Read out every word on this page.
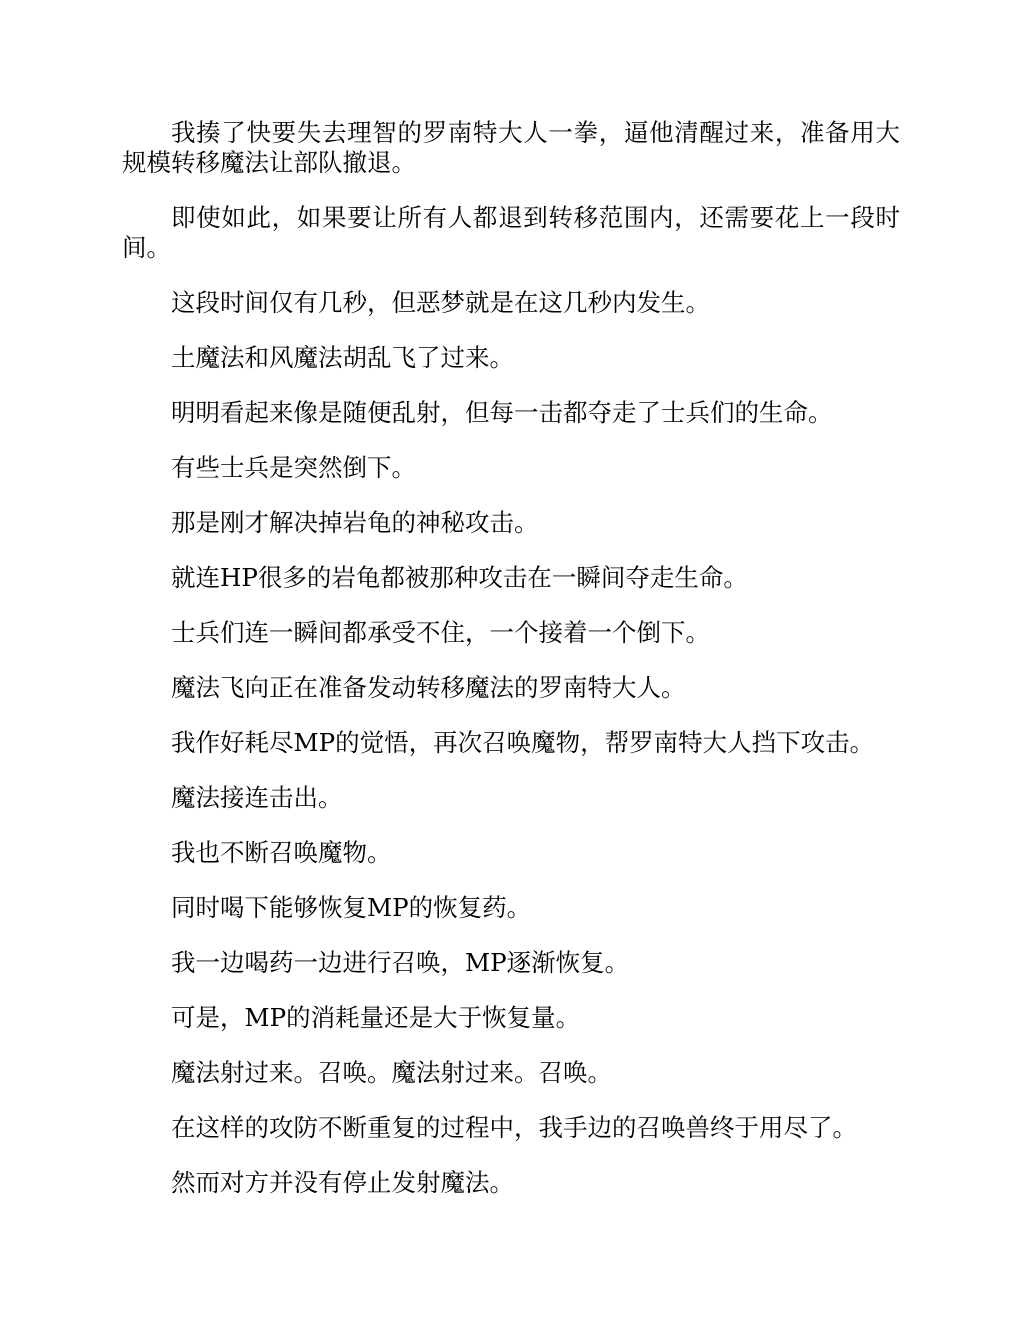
我揍了快要失去理智的罗南特大人一拳，逼他清醒过来，准备用大规模转移魔法让部队撤退。

即使如此，如果要让所有人都退到转移范围内，还需要花上一段时间。

这段时间仅有几秒，但恶梦就是在这几秒内发生。

土魔法和风魔法胡乱飞了过来。

明明看起来像是随便乱射，但每一击都夺走了士兵们的生命。

有些士兵是突然倒下。

那是刚才解决掉岩龟的神秘攻击。

就连HP很多的岩龟都被那种攻击在一瞬间夺走生命。

士兵们连一瞬间都承受不住，一个接着一个倒下。

魔法飞向正在准备发动转移魔法的罗南特大人。

我作好耗尽MP的觉悟，再次召唤魔物，帮罗南特大人挡下攻击。

魔法接连击出。

我也不断召唤魔物。

同时喝下能够恢复MP的恢复药。

我一边喝药一边进行召唤，MP逐渐恢复。

可是，MP的消耗量还是大于恢复量。

魔法射过来。召唤。魔法射过来。召唤。

在这样的攻防不断重复的过程中，我手边的召唤兽终于用尽了。

然而对方并没有停止发射魔法。
